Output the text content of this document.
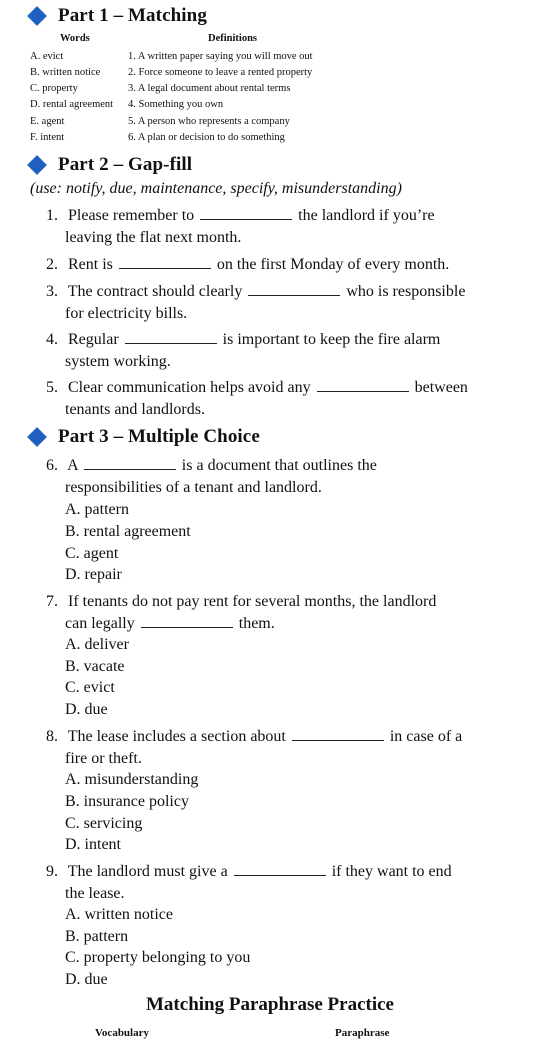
Part 1 – Matching
Words	Definitions
A. evict	1. A written paper saying you will move out
B. written notice	2. Force someone to leave a rented property
C. property	3. A legal document about rental terms
D. rental agreement 4. Something you own
E. agent	5. A person who represents a company
F. intent	6. A plan or decision to do something
Part 2 – Gap-fill
(use: notify, due, maintenance, specify, misunderstanding)
1. Please remember to	the landlord if you’re
leaving the flat next month.
2. Rent is	on the first Monday of every month.
3. The contract should clearly	who is responsible
for electricity bills.
4. Regular	is important to keep the fire alarm
system working.
5. Clear communication helps avoid any	between
tenants and landlords.
Part 3 – Multiple Choice
6. A	is a document that outlines the
responsibilities of a tenant and landlord.
A. pattern
B. rental agreement
C. agent
D. repair
7. If tenants do not pay rent for several months, the landlord
can legally	them.
A. deliver
B. vacate
C. evict
D. due
8. The lease includes a section about	in case of a
fire or theft.
A. misunderstanding
B. insurance policy
C. servicing
D. intent
9. The landlord must give a	if they want to end
the lease.
A. written notice
B. pattern
C. property belonging to you
D. due
Matching Paraphrase Practice
Vocabulary	Paraphrase
